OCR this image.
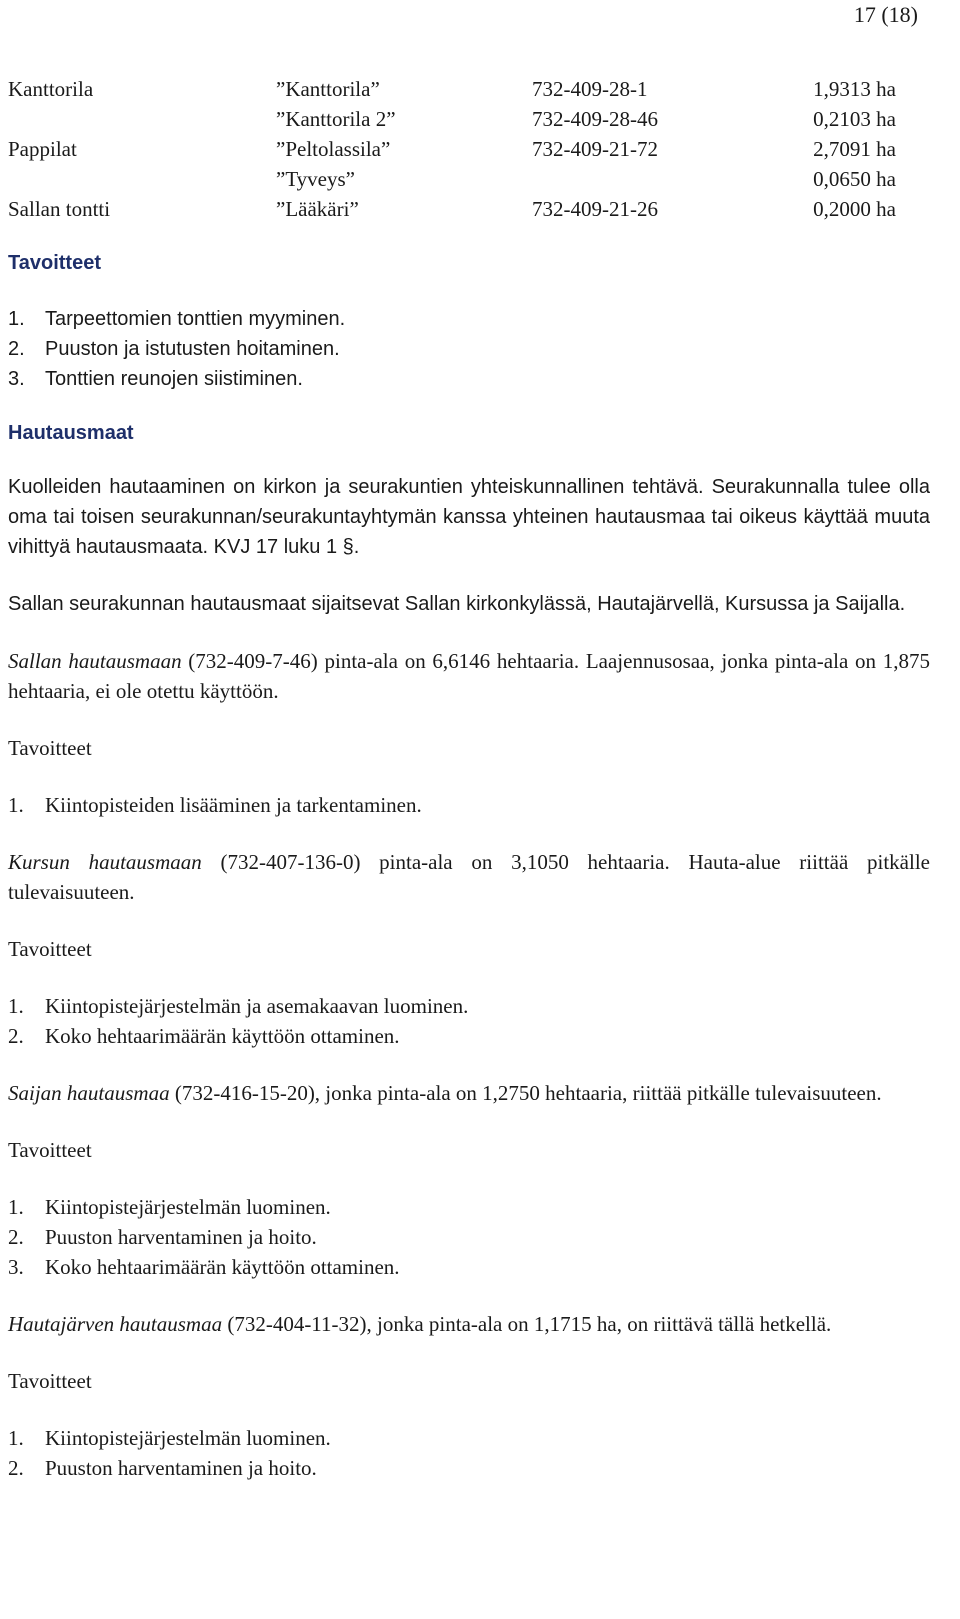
17 (18)
Kanttorila	”Kanttorila”	732-409-28-1	1,9313 ha
	”Kanttorila 2”	732-409-28-46	0,2103 ha
Pappilat	”Peltolassila”	732-409-21-72	2,7091 ha
	”Tyveys”		0,0650 ha
Sallan tontti	”Lääkäri”	732-409-21-26	0,2000 ha
Tavoitteet
1. Tarpeettomien tonttien myyminen.
2. Puuston ja istutusten hoitaminen.
3. Tonttien reunojen siistiminen.
Hautausmaat

Kuolleiden hautaaminen on kirkon ja seurakuntien yhteiskunnallinen tehtävä. Seurakunnalla tulee olla oma tai toisen seurakunnan/seurakuntayhtymän kanssa yhteinen hautausmaa tai oikeus käyttää muuta vihittyä hautausmaata. KVJ 17 luku 1 §.

Sallan seurakunnan hautausmaat sijaitsevat Sallan kirkonkylässä, Hautajärvellä, Kursussa ja Saijalla.

Sallan hautausmaan (732-409-7-46) pinta-ala on 6,6146 hehtaaria. Laajennusosaa, jonka pinta-ala on 1,875 hehtaaria, ei ole otettu käyttöön.

Tavoitteet

1. Kiintopisteiden lisääminen ja tarkentaminen.

Kursun hautausmaan (732-407-136-0) pinta-ala on 3,1050 hehtaaria. Hauta-alue riittää pitkälle tulevaisuuteen.

Tavoitteet

1. Kiintopistejärjestelmän ja asemakaavan luominen.
2. Koko hehtaarimäärän käyttöön ottaminen.

Saijan hautausmaa (732-416-15-20), jonka pinta-ala on 1,2750 hehtaaria, riittää pitkälle tulevaisuuteen.

Tavoitteet

1. Kiintopistejärjestelmän luominen.
2. Puuston harventaminen ja hoito.
3. Koko hehtaarimäärän käyttöön ottaminen.

Hautajärven hautausmaa (732-404-11-32), jonka pinta-ala on 1,1715 ha, on riittävä tällä hetkellä.

Tavoitteet

1. Kiintopistejärjestelmän luominen.
2. Puuston harventaminen ja hoito.
